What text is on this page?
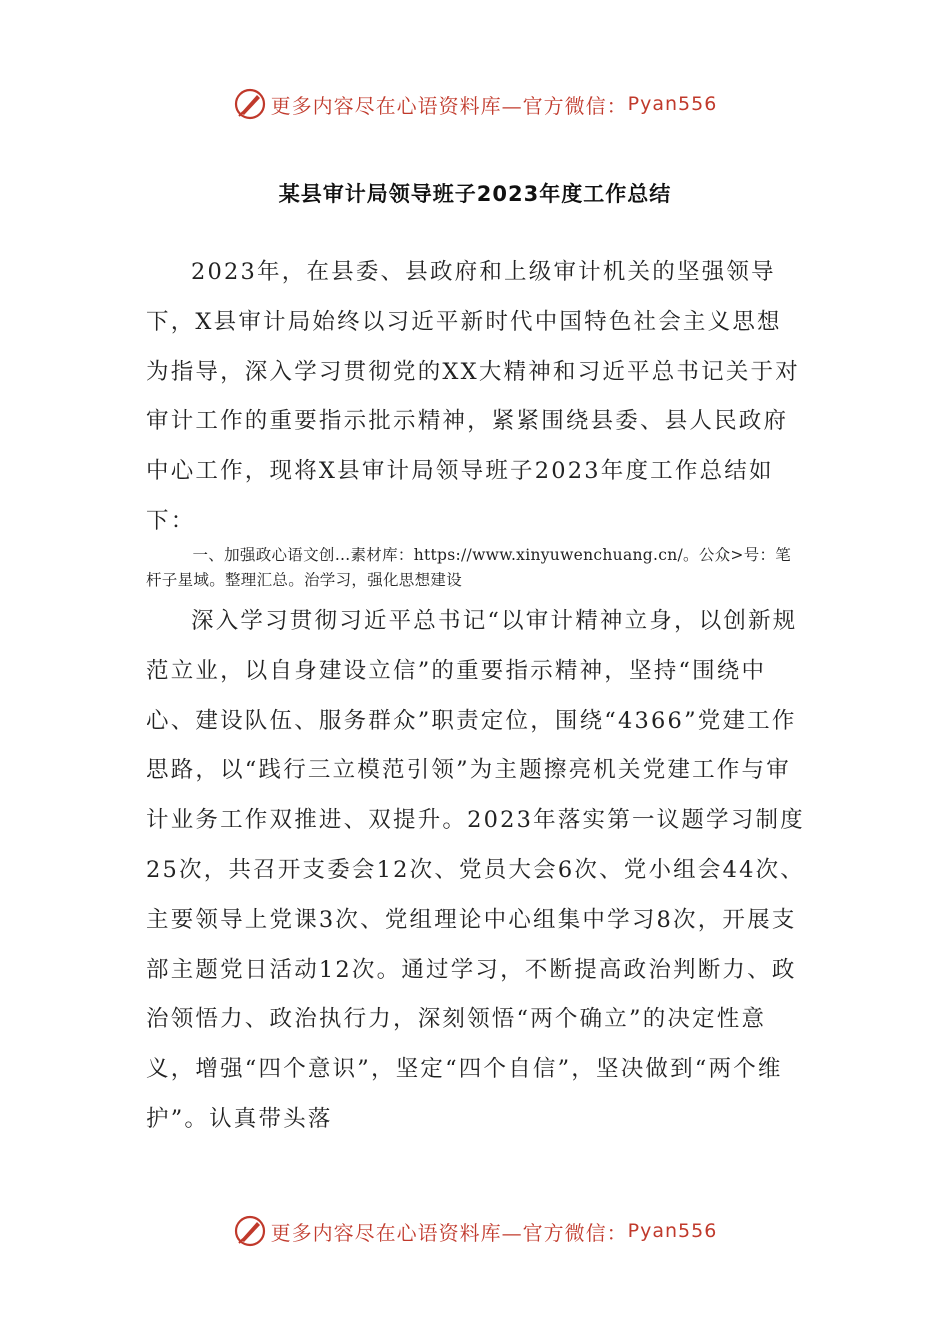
更多内容尽在心语资料库—官方微信： Pyan556
某县审计局领导班子2023年度工作总结

2023年，在县委、县政府和上级审计机关的坚强领导下，X县审计局始终以习近平新时代中国特色社会主义思想为指导，深入学习贯彻党的XX大精神和习近平总书记关于对审计工作的重要指示批示精神，紧紧围绕县委、县人民政府中心工作，现将X县审计局领导班子2023年度工作总结如下：

一、加强政心语文创…素材库：https://www.xinyuwenchuang.cn/。公众>号：笔杆子星域。整理汇总。治学习，强化思想建设

深入学习贯彻习近平总书记“以审计精神立身，以创新规范立业，以自身建设立信”的重要指示精神，坚持“围绕中心、建设队伍、服务群众”职责定位，围绕“4366”党建工作思路，以“践行三立模范引领”为主题擦亮机关党建工作与审计业务工作双推进、双提升。2023年落实第一议题学习制度25次，共召开支委会12次、党员大会6次、党小组会44次、主要领导上党课3次、党组理论中心组集中学习8次，开展支部主题党日活动12次。通过学习，不断提高政治判断力、政治领悟力、政治执行力，深刻领悟“两个确立”的决定性意义，增强“四个意识”，坚定“四个自信”，坚决做到“两个维护”。认真带头落

更多内容尽在心语资料库—官方微信： Pyan556
